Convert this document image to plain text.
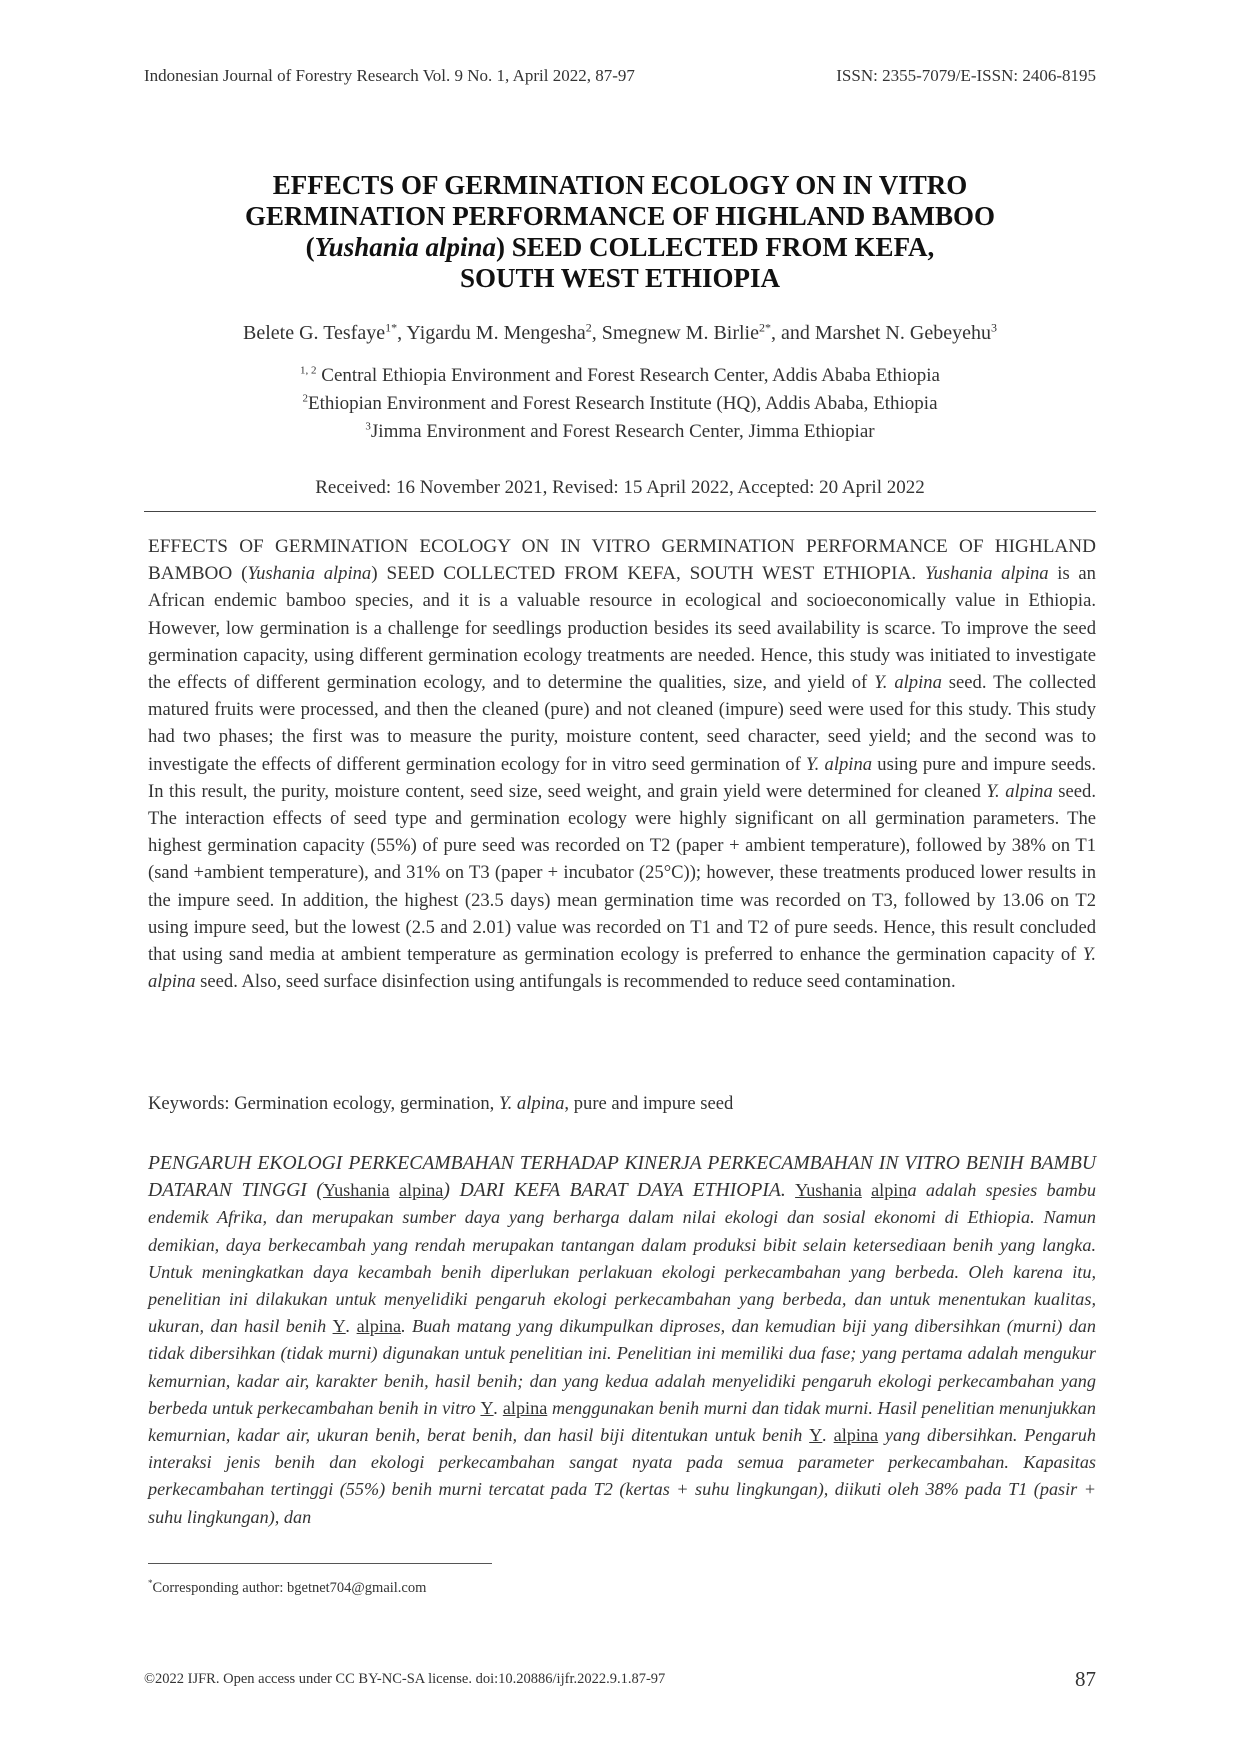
Indonesian Journal of Forestry Research Vol. 9 No. 1, April 2022, 87-97	ISSN: 2355-7079/E-ISSN: 2406-8195
EFFECTS OF GERMINATION ECOLOGY ON IN VITRO
GERMINATION PERFORMANCE OF HIGHLAND BAMBOO
(Yushania alpina) SEED COLLECTED FROM KEFA,
SOUTH WEST ETHIOPIA
Belete G. Tesfaye$^{1*}$, Yigardu M. Mengesha$^2$, Smegnew M. Birlie$^{2*}$, and Marshet N. Gebeyehu$^3$
$^{1, 2}$ Central Ethiopia Environment and Forest Research Center, Addis Ababa Ethiopia
$^2$Ethiopian Environment and Forest Research Institute (HQ), Addis Ababa, Ethiopia
$^3$Jimma Environment and Forest Research Center, Jimma Ethiopiar
Received: 16 November 2021, Revised: 15 April 2022, Accepted: 20 April 2022

EFFECTS OF GERMINATION ECOLOGY ON IN VITRO GERMINATION PERFORMANCE OF HIGHLAND BAMBOO (Yushania alpina) SEED COLLECTED FROM KEFA, SOUTH WEST ETHIOPIA. Yushania alpina is an African endemic bamboo species, and it is a valuable resource in ecological and socioeconomically value in Ethiopia. However, low germination is a challenge for seedlings production besides its seed availability is scarce. To improve the seed germination capacity, using different germination ecology treatments are needed. Hence, this study was initiated to investigate the effects of different germination ecology, and to determine the qualities, size, and yield of Y. alpina seed. The collected matured fruits were processed, and then the cleaned (pure) and not cleaned (impure) seed were used for this study. This study had two phases; the first was to measure the purity, moisture content, seed character, seed yield; and the second was to investigate the effects of different germination ecology for in vitro seed germination of Y. alpina using pure and impure seeds. In this result, the purity, moisture content, seed size, seed weight, and grain yield were determined for cleaned Y. alpina seed. The interaction effects of seed type and germination ecology were highly significant on all germination parameters. The highest germination capacity (55%) of pure seed was recorded on T2 (paper + ambient temperature), followed by 38% on T1 (sand +ambient temperature), and 31% on T3 (paper + incubator (25°C)); however, these treatments produced lower results in the impure seed. In addition, the highest (23.5 days) mean germination time was recorded on T3, followed by 13.06 on T2 using impure seed, but the lowest (2.5 and 2.01) value was recorded on T1 and T2 of pure seeds. Hence, this result concluded that using sand media at ambient temperature as germination ecology is preferred to enhance the germination capacity of Y. alpina seed. Also, seed surface disinfection using antifungals is recommended to reduce seed contamination.

Keywords: Germination ecology, germination, Y. alpina, pure and impure seed

PENGARUH EKOLOGI PERKECAMBAHAN TERHADAP KINERJA PERKECAMBAHAN IN VITRO BENIH BAMBU DATARAN TINGGI (Yushania alpina) DARI KEFA BARAT DAYA ETHIOPIA. Yushania alpina adalah spesies bambu endemik Afrika, dan merupakan sumber daya yang berharga dalam nilai ekologi dan sosial ekonomi di Ethiopia. Namun demikian, daya berkecambah yang rendah merupakan tantangan dalam produksi bibit selain ketersediaan benih yang langka. Untuk meningkatkan daya kecambah benih diperlukan perlakuan ekologi perkecambahan yang berbeda. Oleh karena itu, penelitian ini dilakukan untuk menyelidiki pengaruh ekologi perkecambahan yang berbeda, dan untuk menentukan kualitas, ukuran, dan hasil benih Y. alpina. Buah matang yang dikumpulkan diproses, dan kemudian biji yang dibersihkan (murni) dan tidak dibersihkan (tidak murni) digunakan untuk penelitian ini. Penelitian ini memiliki dua fase; yang pertama adalah mengukur kemurnian, kadar air, karakter benih, hasil benih; dan yang kedua adalah menyelidiki pengaruh ekologi perkecambahan yang berbeda untuk perkecambahan benih in vitro Y. alpina menggunakan benih murni dan tidak murni. Hasil penelitian menunjukkan kemurnian, kadar air, ukuran benih, berat benih, dan hasil biji ditentukan untuk benih Y. alpina yang dibersihkan. Pengaruh interaksi jenis benih dan ekologi perkecambahan sangat nyata pada semua parameter perkecambahan. Kapasitas perkecambahan tertinggi (55%) benih murni tercatat pada T2 (kertas + suhu lingkungan), diikuti oleh 38% pada T1 (pasir + suhu lingkungan), dan

*Corresponding author: bgetnet704@gmail.com
©2022 IJFR. Open access under CC BY-NC-SA license. doi:10.20886/ijfr.2022.9.1.87-97	87
